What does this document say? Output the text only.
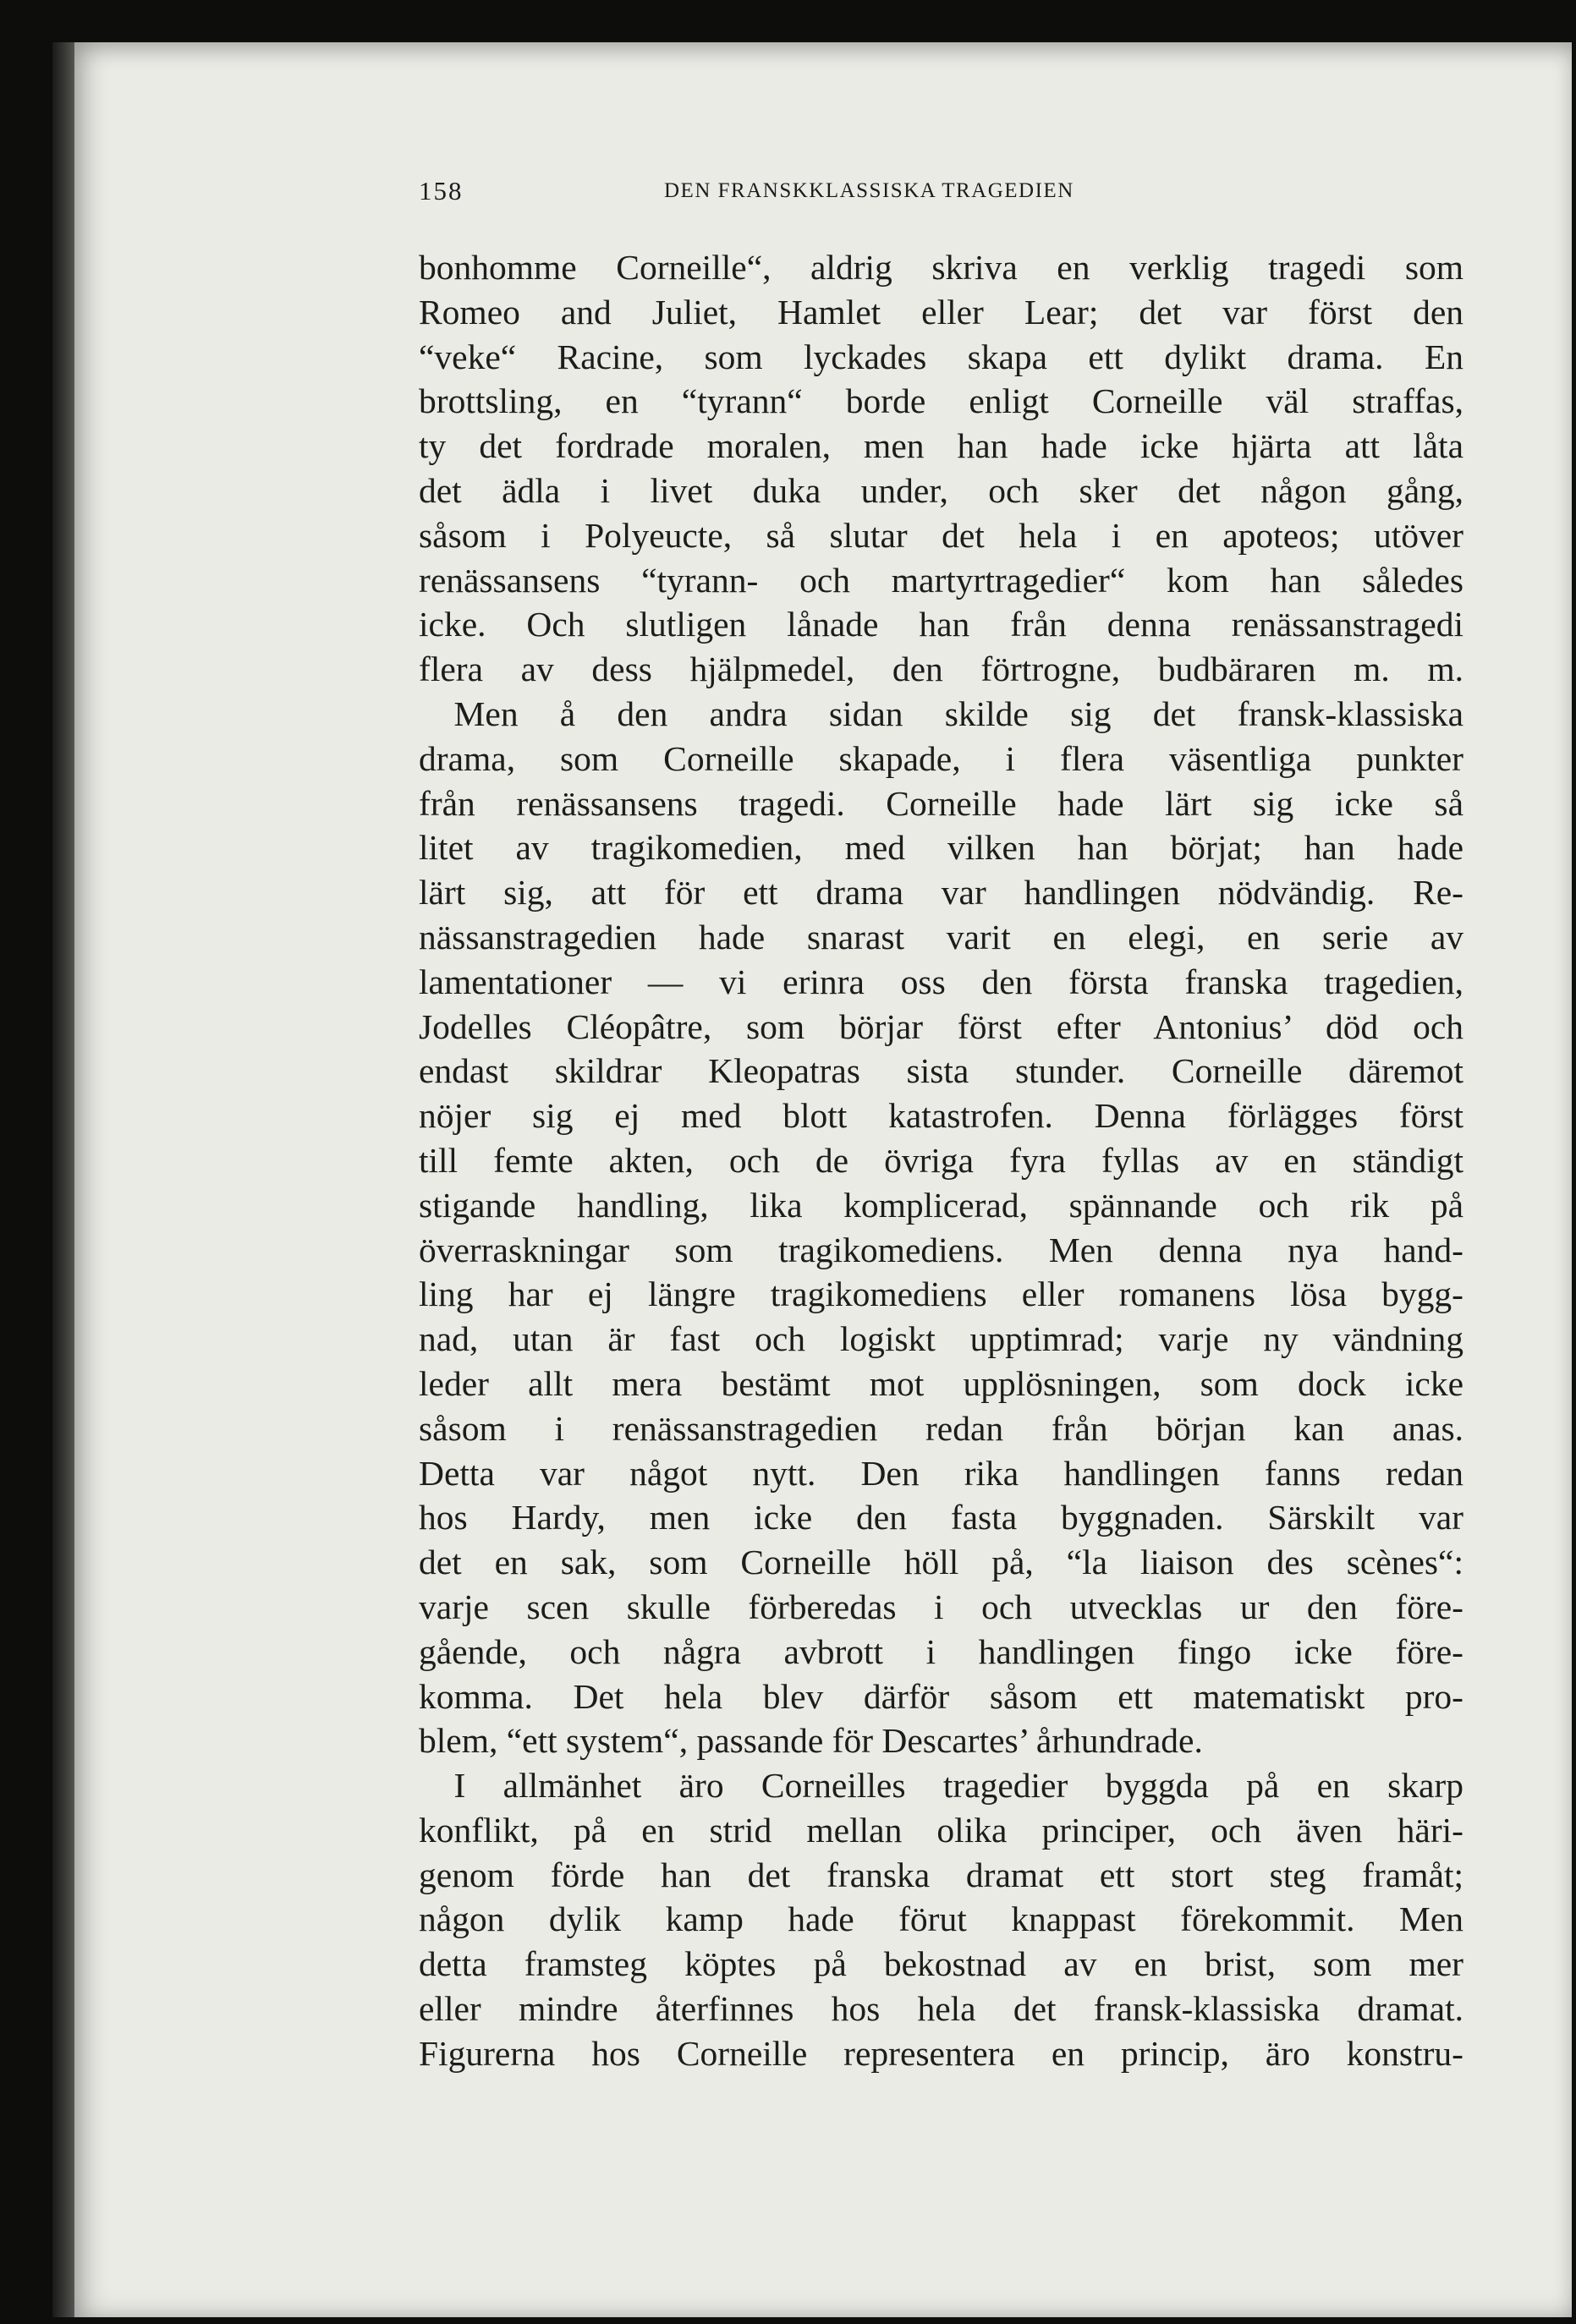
158	DEN FRANSKKLASSISKA TRAGEDIEN
bonhomme Corneille“, aldrig skriva en verklig tragedi som
Romeo and Juliet, Hamlet eller Lear; det var först den
“veke“ Racine, som lyckades skapa ett dylikt drama. En
brottsling, en “tyrann“ borde enligt Corneille väl straffas,
ty det fordrade moralen, men han hade icke hjärta att låta
det ädla i livet duka under, och sker det någon gång,
såsom i Polyeucte, så slutar det hela i en apoteos; utöver
renässansens “tyrann- och martyrtragedier“ kom han således
icke. Och slutligen lånade han från denna renässanstragedi
flera av dess hjälpmedel, den förtrogne, budbäraren m. m.
 Men å den andra sidan skilde sig det fransk-klassiska
drama, som Corneille skapade, i flera väsentliga punkter
från renässansens tragedi. Corneille hade lärt sig icke så
litet av tragikomedien, med vilken han börjat; han hade
lärt sig, att för ett drama var handlingen nödvändig. Re-
nässanstragedien hade snarast varit en elegi, en serie av
lamentationer — vi erinra oss den första franska tragedien,
Jodelles Cléopâtre, som börjar först efter Antonius’ död och
endast skildrar Kleopatras sista stunder. Corneille däremot
nöjer sig ej med blott katastrofen. Denna förlägges först
till femte akten, och de övriga fyra fyllas av en ständigt
stigande handling, lika komplicerad, spännande och rik på
överraskningar som tragikomediens. Men denna nya hand-
ling har ej längre tragikomediens eller romanens lösa bygg-
nad, utan är fast och logiskt upptimrad; varje ny vändning
leder allt mera bestämt mot upplösningen, som dock icke
såsom i renässanstragedien redan från början kan anas.
Detta var något nytt. Den rika handlingen fanns redan
hos Hardy, men icke den fasta byggnaden. Särskilt var
det en sak, som Corneille höll på, “la liaison des scènes“:
varje scen skulle förberedas i och utvecklas ur den före-
gående, och några avbrott i handlingen fingo icke före-
komma. Det hela blev därför såsom ett matematiskt pro-
blem, “ett system“, passande för Descartes’ århundrade.
 I allmänhet äro Corneilles tragedier byggda på en skarp
konflikt, på en strid mellan olika principer, och även häri-
genom förde han det franska dramat ett stort steg framåt;
någon dylik kamp hade förut knappast förekommit. Men
detta framsteg köptes på bekostnad av en brist, som mer
eller mindre återfinnes hos hela det fransk-klassiska dramat.
Figurerna hos Corneille representera en princip, äro konstru-
